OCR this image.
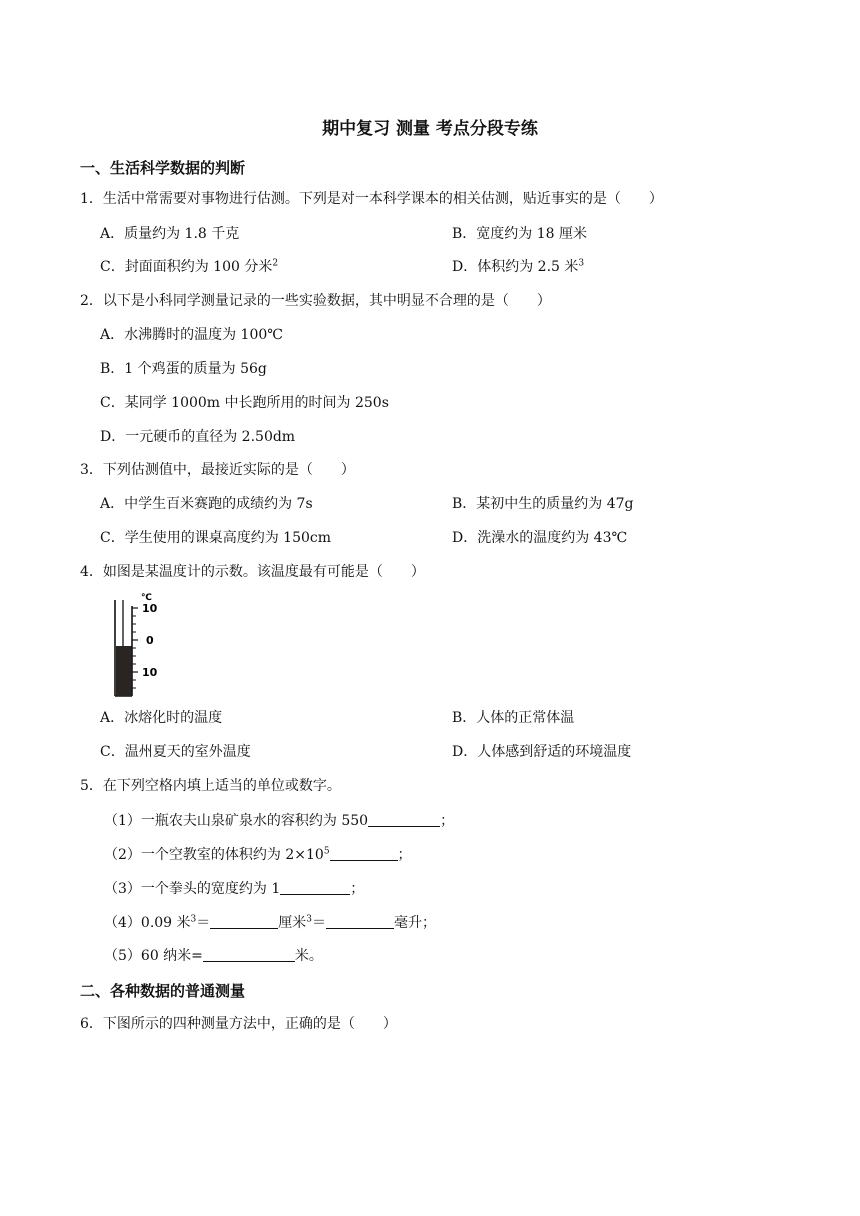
期中复习 测量 考点分段专练
一、生活科学数据的判断
1．生活中常需要对事物进行估测。下列是对一本科学课本的相关估测，贴近事实的是（　　）
A．质量约为 1.8 千克	B．宽度约为 18 厘米
C．封面面积约为 100 分米$^2$	D．体积约为 2.5 米$^3$
2．以下是小科同学测量记录的一些实验数据，其中明显不合理的是（　　）
A．水沸腾时的温度为 100℃
B．1 个鸡蛋的质量为 56g
C．某同学 1000m 中长跑所用的时间为 250s
D．一元硬币的直径为 2.50dm
3．下列估测值中，最接近实际的是（　　）
A．中学生百米赛跑的成绩约为 7s	B．某初中生的质量约为 47g
C．学生使用的课桌高度约为 150cm	D．洗澡水的温度约为 43℃
4．如图是某温度计的示数。该温度最有可能是（　　）
℃
10
0
10
A．冰熔化时的温度	B．人体的正常体温
C．温州夏天的室外温度	D．人体感到舒适的环境温度
5．在下列空格内填上适当的单位或数字。
（1）一瓶农夫山泉矿泉水的容积约为 550	；
（2）一个空教室的体积约为 $2\times 10^5$	；
（3）一个拳头的宽度约为 1	；
（4）0.09 米$^3$＝	厘米$^3$＝	毫升；
（5）60 纳米=	米。
二、各种数据的普通测量
6．下图所示的四种测量方法中，正确的是（　　）
